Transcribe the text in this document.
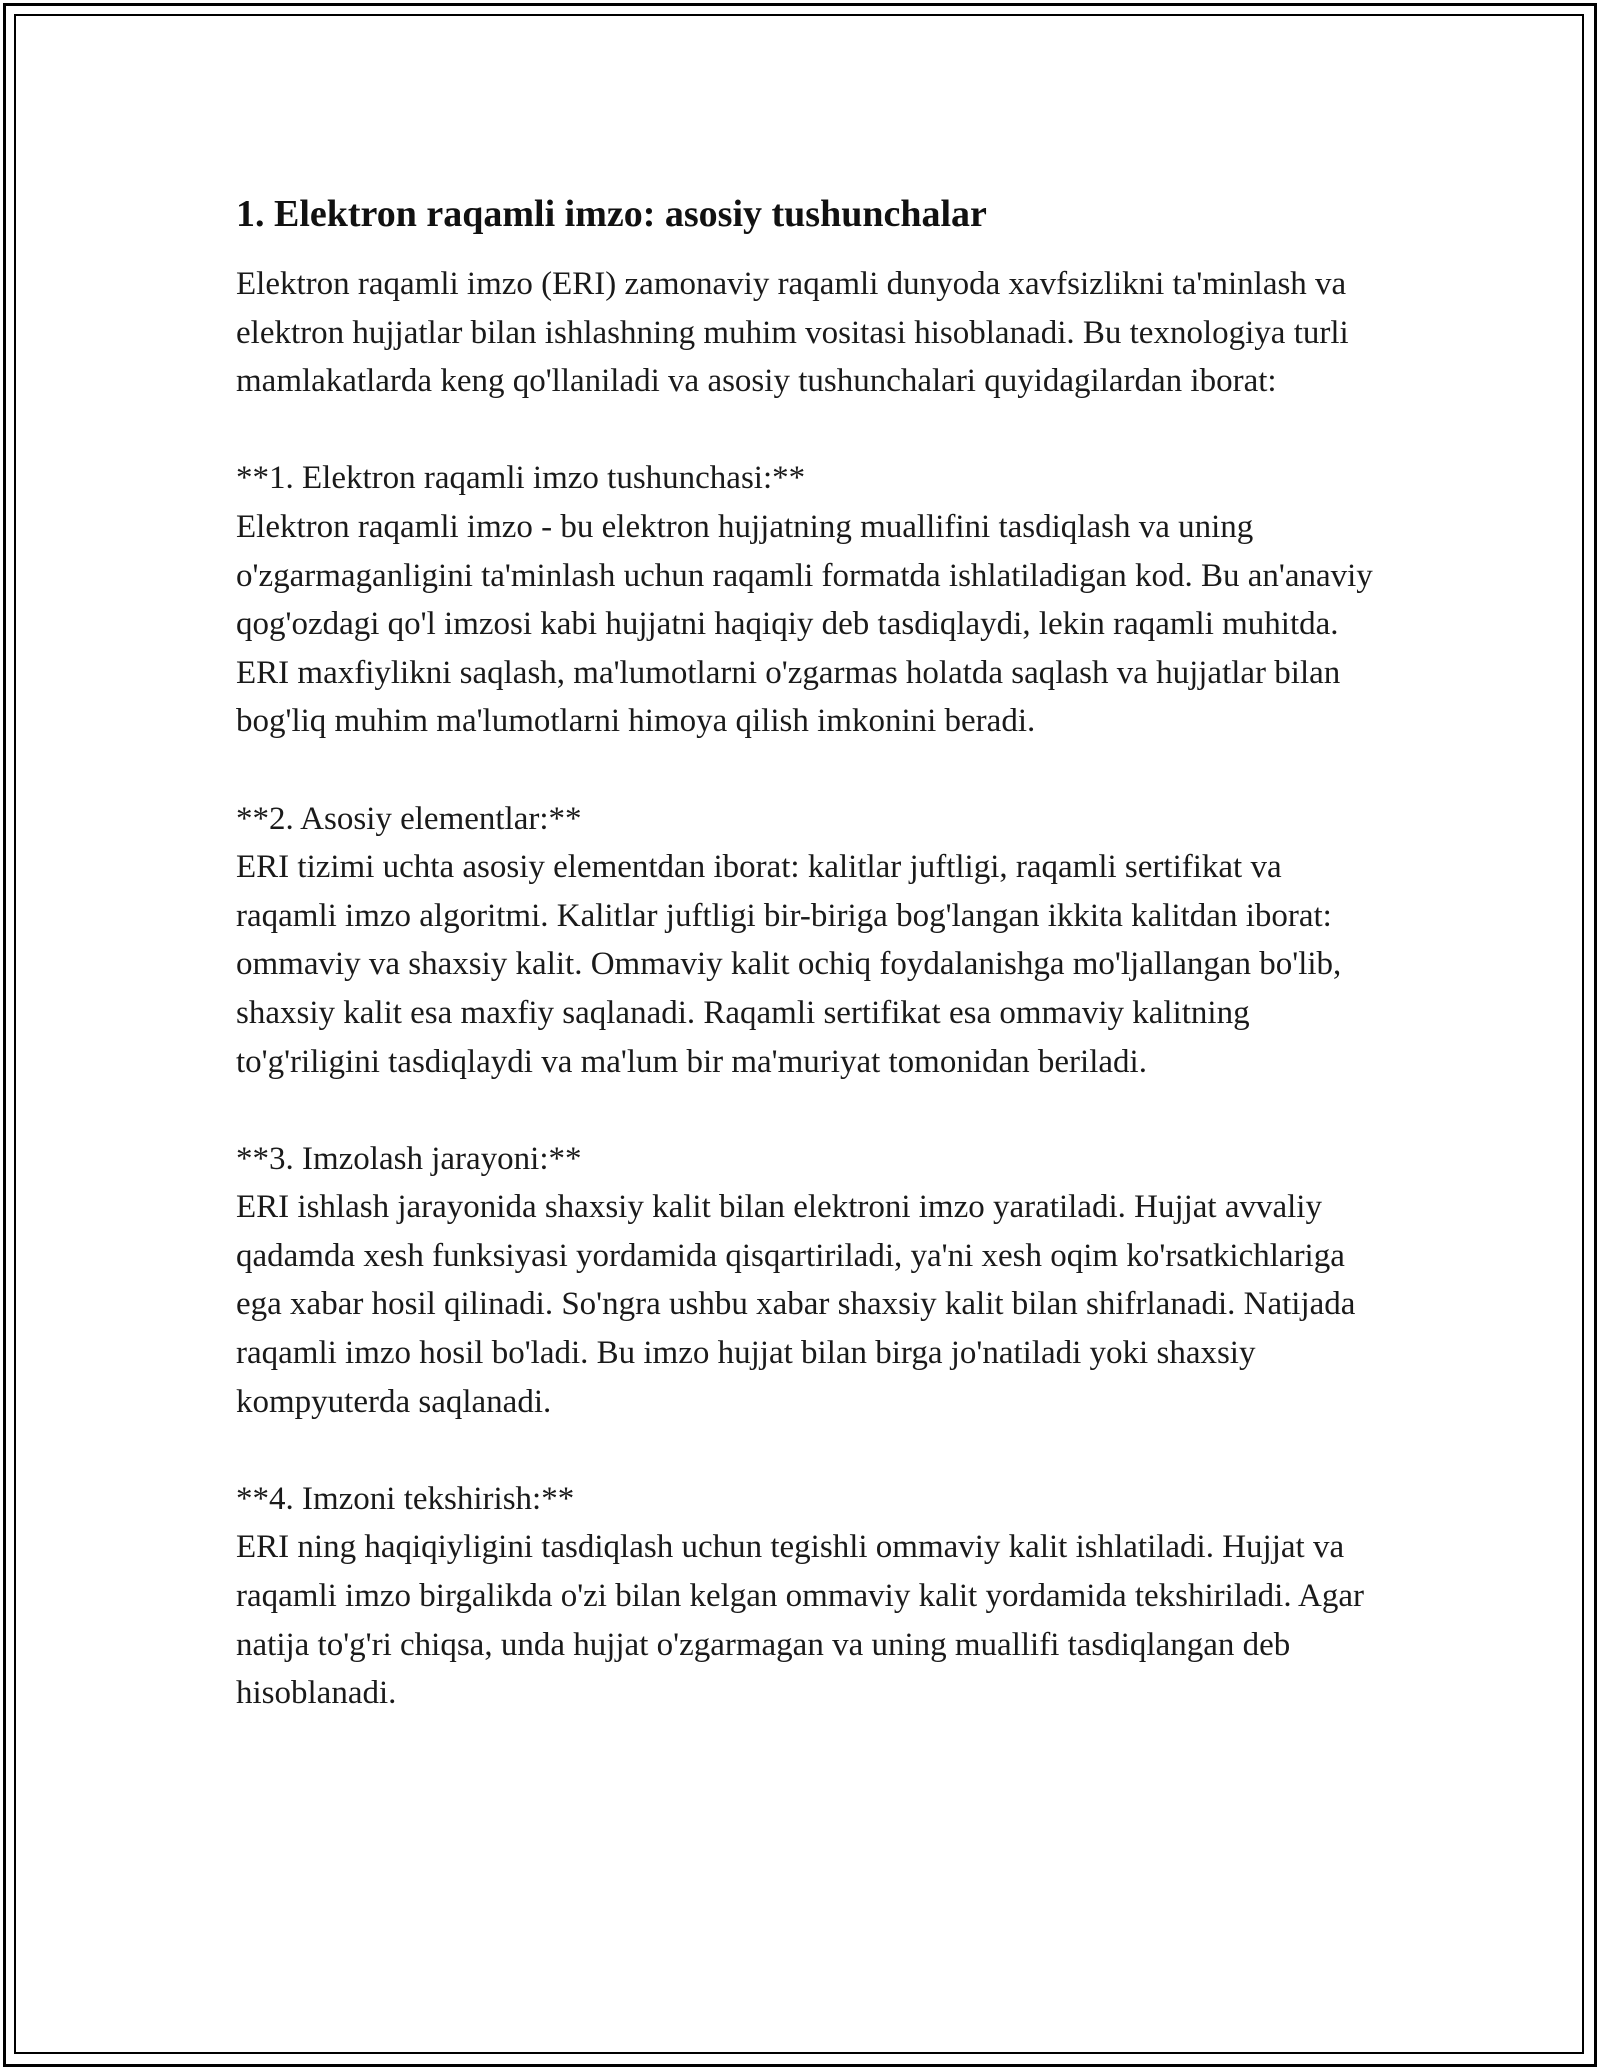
1. Elektron raqamli imzo: asosiy tushunchalar

Elektron raqamli imzo (ERI) zamonaviy raqamli dunyoda xavfsizlikni ta'minlash va elektron hujjatlar bilan ishlashning muhim vositasi hisoblanadi. Bu texnologiya turli mamlakatlarda keng qo'llaniladi va asosiy tushunchalari quyidagilardan iborat:

**1. Elektron raqamli imzo tushunchasi:**

Elektron raqamli imzo - bu elektron hujjatning muallifini tasdiqlash va uning o'zgarmaganligini ta'minlash uchun raqamli formatda ishlatiladigan kod. Bu an'anaviy qog'ozdagi qo'l imzosi kabi hujjatni haqiqiy deb tasdiqlaydi, lekin raqamli muhitda. ERI maxfiylikni saqlash, ma'lumotlarni o'zgarmas holatda saqlash va hujjatlar bilan bog'liq muhim ma'lumotlarni himoya qilish imkonini beradi.

**2. Asosiy elementlar:**

ERI tizimi uchta asosiy elementdan iborat: kalitlar juftligi, raqamli sertifikat va raqamli imzo algoritmi. Kalitlar juftligi bir-biriga bog'langan ikkita kalitdan iborat: ommaviy va shaxsiy kalit. Ommaviy kalit ochiq foydalanishga mo'ljallangan bo'lib, shaxsiy kalit esa maxfiy saqlanadi. Raqamli sertifikat esa ommaviy kalitning to'g'riligini tasdiqlaydi va ma'lum bir ma'muriyat tomonidan beriladi.

**3. Imzolash jarayoni:**

ERI ishlash jarayonida shaxsiy kalit bilan elektroni imzo yaratiladi. Hujjat avvaliy qadamda xesh funksiyasi yordamida qisqartiriladi, ya'ni xesh oqim ko'rsatkichlariga ega xabar hosil qilinadi. So'ngra ushbu xabar shaxsiy kalit bilan shifrlanadi. Natijada raqamli imzo hosil bo'ladi. Bu imzo hujjat bilan birga jo'natiladi yoki shaxsiy kompyuterda saqlanadi.

**4. Imzoni tekshirish:**

ERI ning haqiqiyligini tasdiqlash uchun tegishli ommaviy kalit ishlatiladi. Hujjat va raqamli imzo birgalikda o'zi bilan kelgan ommaviy kalit yordamida tekshiriladi. Agar natija to'g'ri chiqsa, unda hujjat o'zgarmagan va uning muallifi tasdiqlangan deb hisoblanadi.
